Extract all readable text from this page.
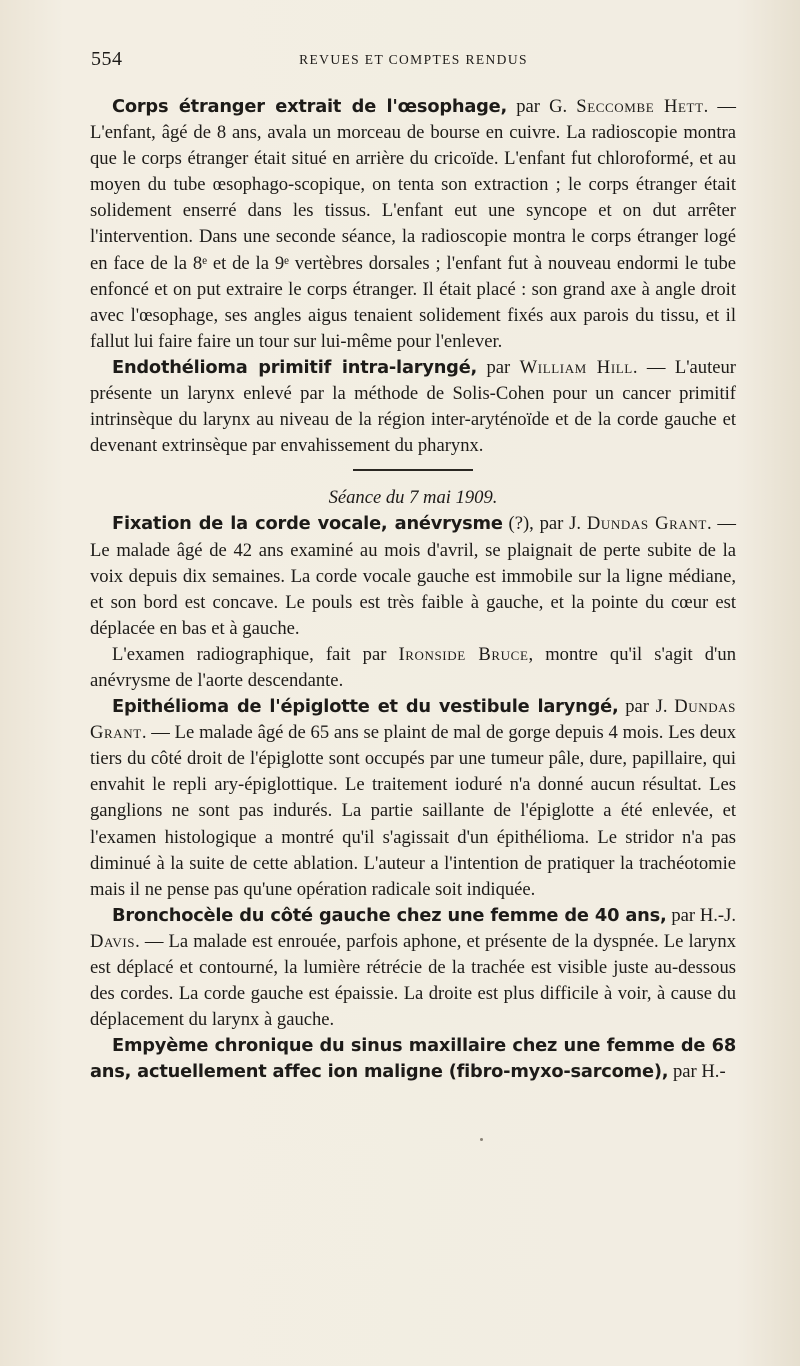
554	REVUES ET COMPTES RENDUS

Corps étranger extrait de l'œsophage, par G. Seccombe Hett. — L'enfant, âgé de 8 ans, avala un morceau de bourse en cuivre. La radioscopie montra que le corps étranger était situé en arrière du cricoïde. L'enfant fut chloroformé, et au moyen du tube œsophago-scopique, on tenta son extraction ; le corps étranger était solidement enserré dans les tissus. L'enfant eut une syncope et on dut arrêter l'intervention. Dans une seconde séance, la radioscopie montra le corps étranger logé en face de la 8ᵉ et de la 9ᵉ vertèbres dorsales ; l'enfant fut à nouveau endormi le tube enfoncé et on put extraire le corps étranger. Il était placé : son grand axe à angle droit avec l'œsophage, ses angles aigus tenaient solidement fixés aux parois du tissu, et il fallut lui faire faire un tour sur lui-même pour l'enlever.

Endothélioma primitif intra-laryngé, par William Hill. — L'auteur présente un larynx enlevé par la méthode de Solis-Cohen pour un cancer primitif intrinsèque du larynx au niveau de la région inter-aryténoïde et de la corde gauche et devenant extrinsèque par envahissement du pharynx.

Séance du 7 mai 1909.

Fixation de la corde vocale, anévrysme (?), par J. Dundas Grant. — Le malade âgé de 42 ans examiné au mois d'avril, se plaignait de perte subite de la voix depuis dix semaines. La corde vocale gauche est immobile sur la ligne médiane, et son bord est concave. Le pouls est très faible à gauche, et la pointe du cœur est déplacée en bas et à gauche.

L'examen radiographique, fait par Ironside Bruce, montre qu'il s'agit d'un anévrysme de l'aorte descendante.

Epithélioma de l'épiglotte et du vestibule laryngé, par J. Dundas Grant. — Le malade âgé de 65 ans se plaint de mal de gorge depuis 4 mois. Les deux tiers du côté droit de l'épiglotte sont occupés par une tumeur pâle, dure, papillaire, qui envahit le repli ary-épiglottique. Le traitement ioduré n'a donné aucun résultat. Les ganglions ne sont pas indurés. La partie saillante de l'épiglotte a été enlevée, et l'examen histologique a montré qu'il s'agissait d'un épithélioma. Le stridor n'a pas diminué à la suite de cette ablation. L'auteur a l'intention de pratiquer la trachéotomie mais il ne pense pas qu'une opération radicale soit indiquée.

Bronchocèle du côté gauche chez une femme de 40 ans, par H.-J. Davis. — La malade est enrouée, parfois aphone, et présente de la dyspnée. Le larynx est déplacé et contourné, la lumière rétrécie de la trachée est visible juste au-dessous des cordes. La corde gauche est épaissie. La droite est plus difficile à voir, à cause du déplacement du larynx à gauche.

Empyème chronique du sinus maxillaire chez une femme de 68 ans, actuellement affec ion maligne (fibro-myxo-sarcome), par H.-
